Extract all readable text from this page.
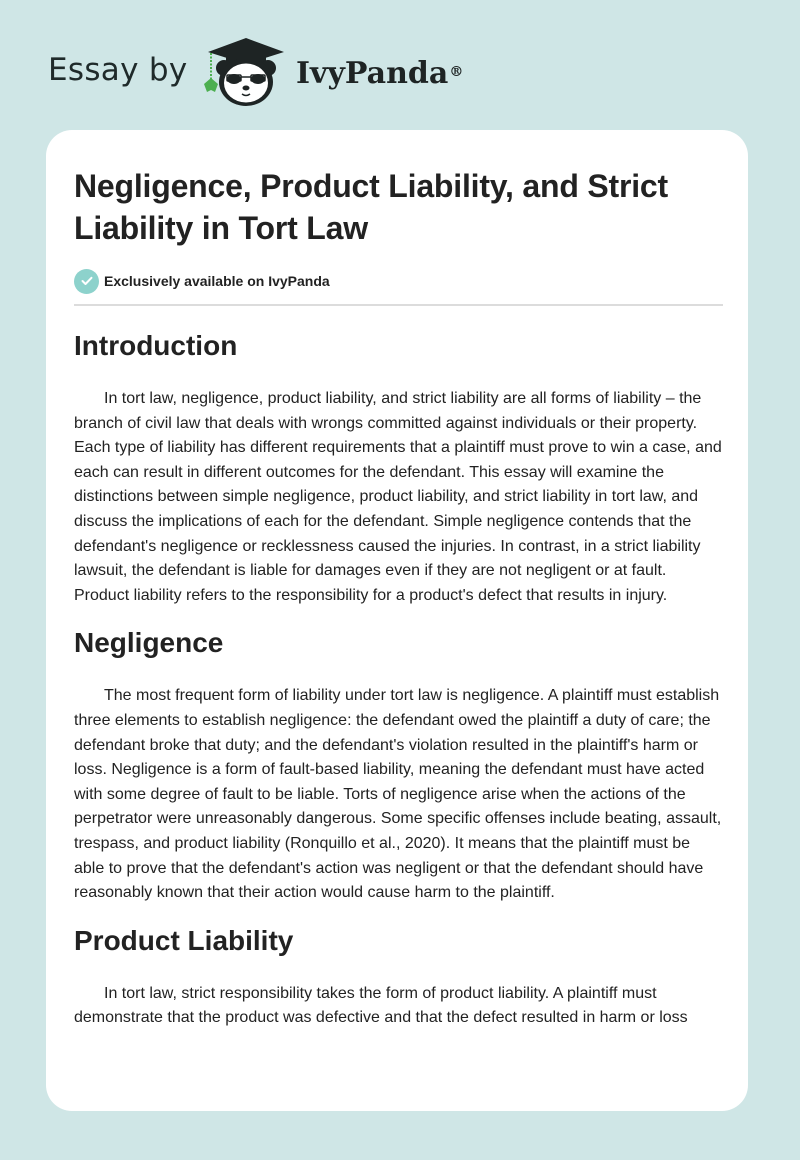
Essay by	IvyPanda®
Negligence, Product Liability, and Strict Liability in Tort Law
Exclusively available on IvyPanda
Introduction

In tort law, negligence, product liability, and strict liability are all forms of liability – the branch of civil law that deals with wrongs committed against individuals or their property. Each type of liability has different requirements that a plaintiff must prove to win a case, and each can result in different outcomes for the defendant. This essay will examine the distinctions between simple negligence, product liability, and strict liability in tort law, and discuss the implications of each for the defendant. Simple negligence contends that the defendant's negligence or recklessness caused the injuries. In contrast, in a strict liability lawsuit, the defendant is liable for damages even if they are not negligent or at fault. Product liability refers to the responsibility for a product's defect that results in injury.

Negligence

The most frequent form of liability under tort law is negligence. A plaintiff must establish three elements to establish negligence: the defendant owed the plaintiff a duty of care; the defendant broke that duty; and the defendant's violation resulted in the plaintiff's harm or loss. Negligence is a form of fault-based liability, meaning the defendant must have acted with some degree of fault to be liable. Torts of negligence arise when the actions of the perpetrator were unreasonably dangerous. Some specific offenses include beating, assault, trespass, and product liability (Ronquillo et al., 2020). It means that the plaintiff must be able to prove that the defendant's action was negligent or that the defendant should have reasonably known that their action would cause harm to the plaintiff.

Product Liability

In tort law, strict responsibility takes the form of product liability. A plaintiff must demonstrate that the product was defective and that the defect resulted in harm or loss
